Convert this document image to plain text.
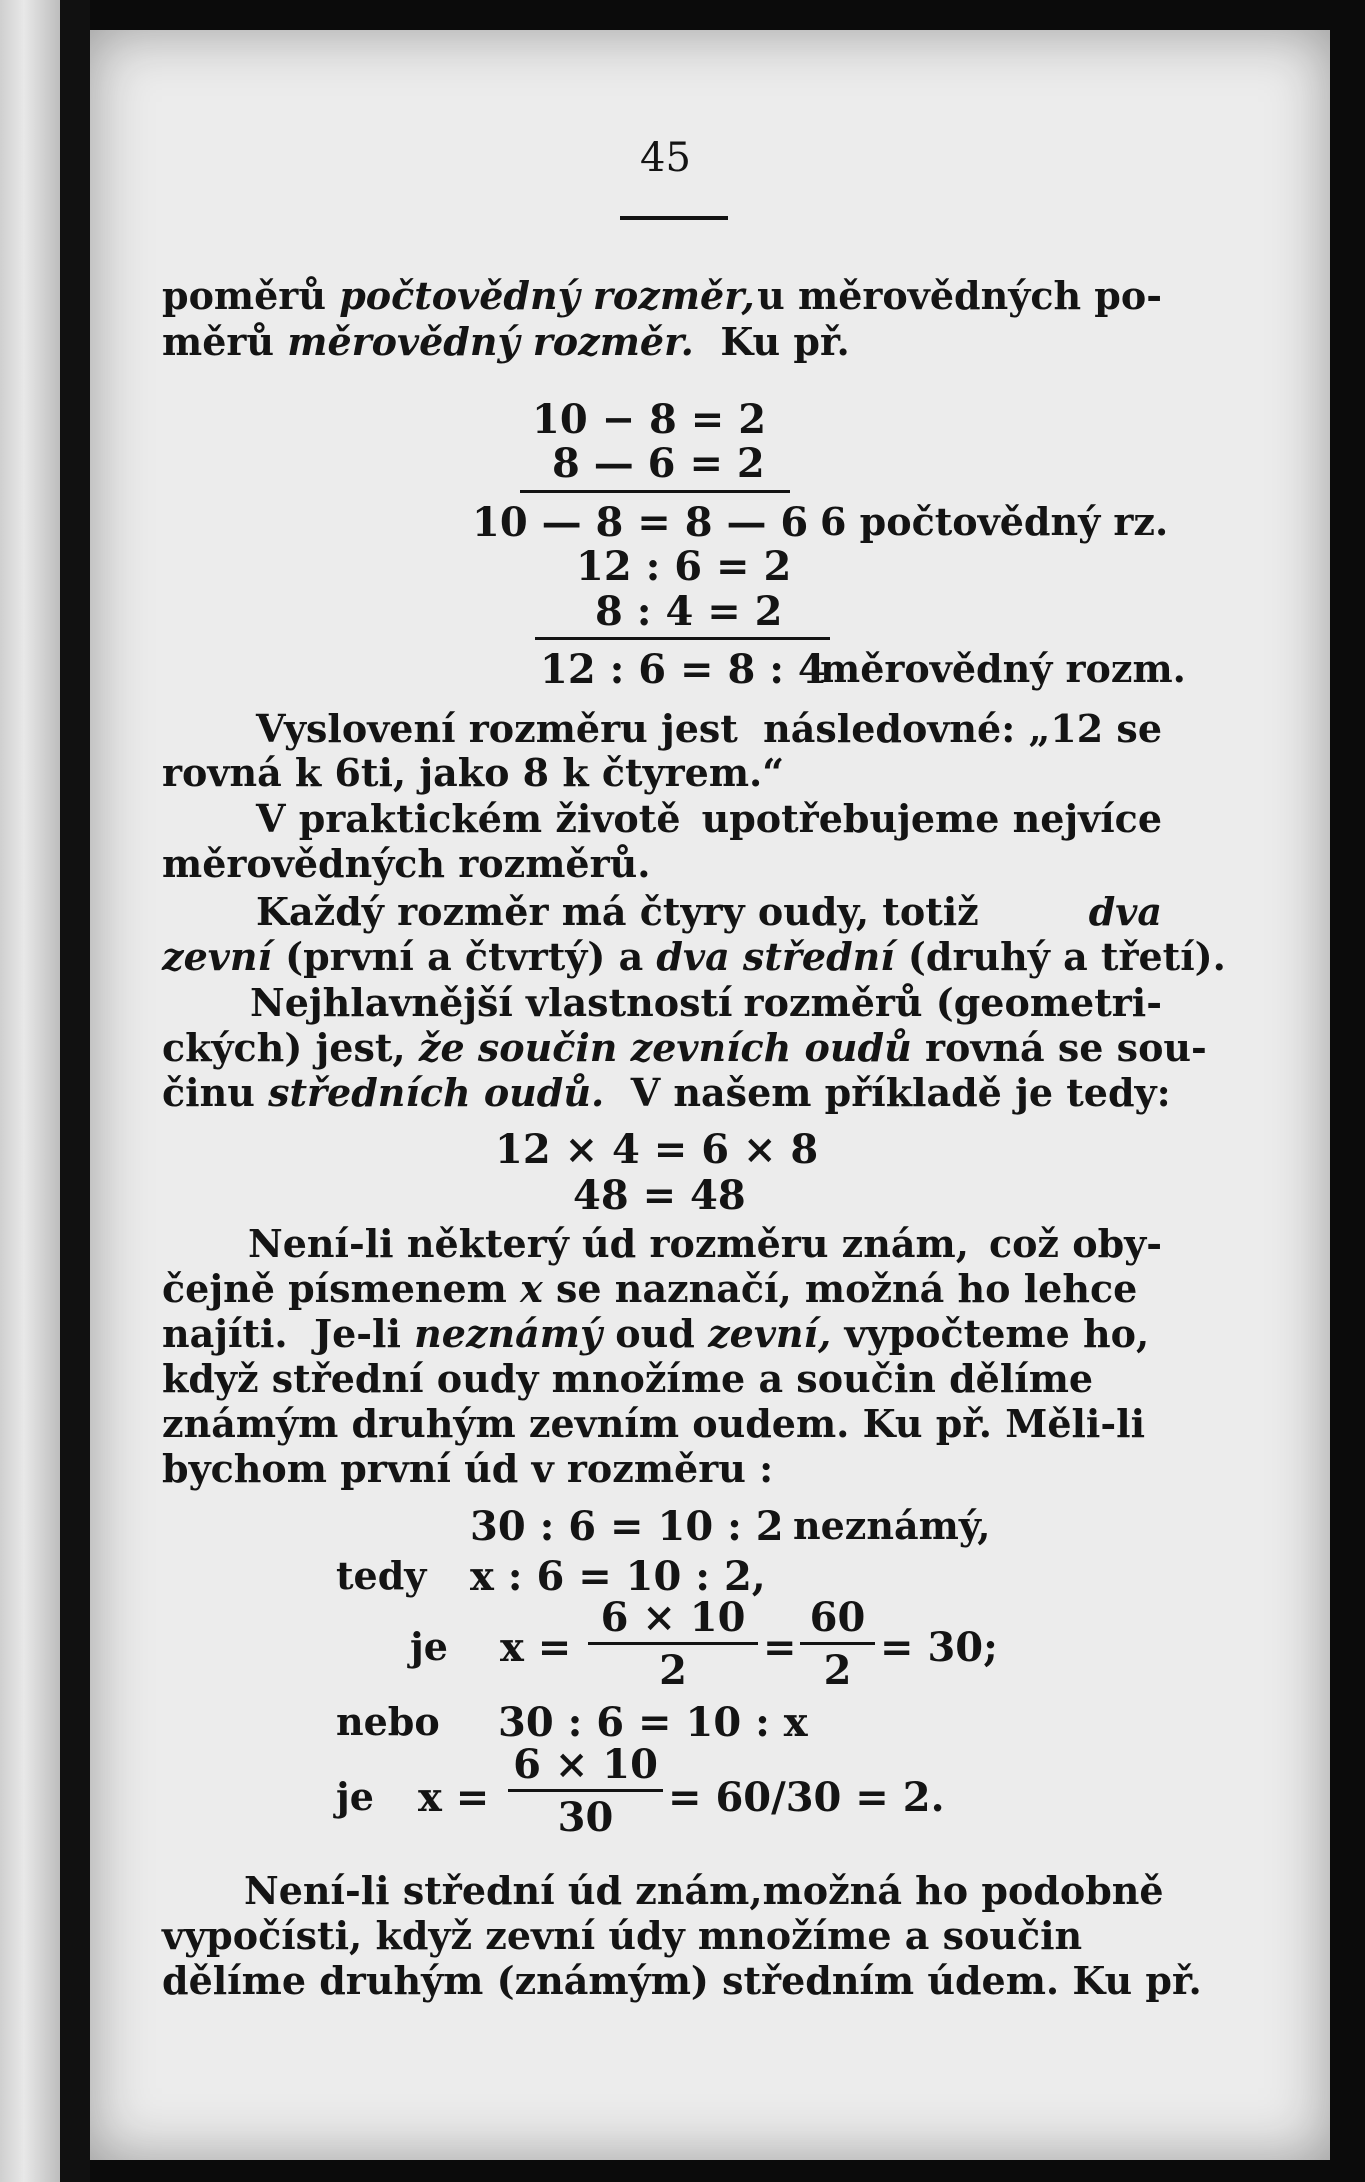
45
poměrů počtovědný rozměr, u měrovědných po-
měrů měrovědný rozměr.  Ku př.
10 − 8 = 2
8 — 6 = 2
10 — 8 = 8 — 6 6 počtovědný rz.
12 : 6 = 2
8 : 4 = 2
12 : 6 = 8 : 4
měrovědný rozm.
Vyslovení rozměru jest následovné: „12 se
rovná k 6ti, jako 8 k čtyrem.“
V praktickém životě upotřebujeme nejvíce
měrovědných rozměrů.
Každý rozměr má čtyry oudy, totiž	dva
zevní (první a čtvrtý) a dva střední (druhý a třetí).
Nejhlavnější vlastností rozměrů (geometri-
ckých) jest, že součin zevních oudů rovná se sou-
činu středních oudů.  V našem příkladě je tedy:
12 × 4 = 6 × 8
48 = 48
Není-li některý úd rozměru znám, což oby-
čejně písmenem x se naznačí, možná ho lehce
najíti.  Je-li neznámý oud zevní, vypočteme ho,
když střední oudy množíme a součin dělíme
známým druhým zevním oudem. Ku př. Měli-li
bychom první úd v rozměru :
30 : 6 = 10 : 2 neznámý,
tedy x : 6 = 10 : 2,
je $x = \frac{6 \times 10}{2} = \frac{60}{2} = 30$;
nebo 30 : 6 = 10 : x
je $x = \frac{6 \times 10}{30} = 60/30 = 2$.
Není-li střední úd znám, možná ho podobně
vypočísti, když zevní údy množíme a součin
dělíme druhým (známým) středním údem. Ku př.
